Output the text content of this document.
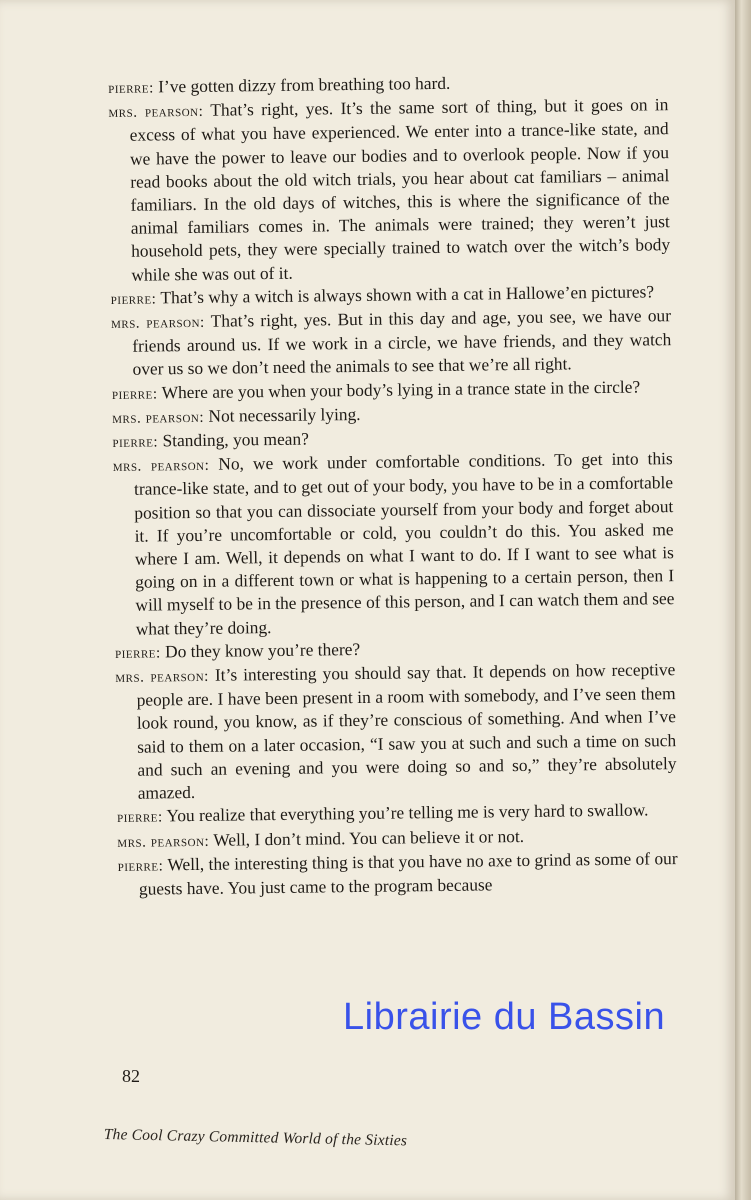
pierre: I’ve gotten dizzy from breathing too hard.

mrs. pearson: That’s right, yes. It’s the same sort of thing, but it goes on in excess of what you have experienced. We enter into a trance-like state, and we have the power to leave our bodies and to overlook people. Now if you read books about the old witch trials, you hear about cat familiars – animal familiars. In the old days of witches, this is where the significance of the animal familiars comes in. The animals were trained; they weren’t just household pets, they were specially trained to watch over the witch’s body while she was out of it.

pierre: That’s why a witch is always shown with a cat in Hallowe’en pictures?

mrs. pearson: That’s right, yes. But in this day and age, you see, we have our friends around us. If we work in a circle, we have friends, and they watch over us so we don’t need the animals to see that we’re all right.

pierre: Where are you when your body’s lying in a trance state in the circle?

mrs. pearson: Not necessarily lying.

pierre: Standing, you mean?

mrs. pearson: No, we work under comfortable conditions. To get into this trance-like state, and to get out of your body, you have to be in a comfortable position so that you can dissociate yourself from your body and forget about it. If you’re uncomfortable or cold, you couldn’t do this. You asked me where I am. Well, it depends on what I want to do. If I want to see what is going on in a different town or what is happening to a certain person, then I will myself to be in the presence of this person, and I can watch them and see what they’re doing.

pierre: Do they know you’re there?

mrs. pearson: It’s interesting you should say that. It depends on how receptive people are. I have been present in a room with somebody, and I’ve seen them look round, you know, as if they’re conscious of something. And when I’ve said to them on a later occasion, “I saw you at such and such a time on such and such an evening and you were doing so and so,” they’re absolutely amazed.

pierre: You realize that everything you’re telling me is very hard to swallow.

mrs. pearson: Well, I don’t mind. You can believe it or not.

pierre: Well, the interesting thing is that you have no axe to grind as some of our guests have. You just came to the program because

82
The Cool Crazy Committed World of the Sixties
Librairie du Bassin
